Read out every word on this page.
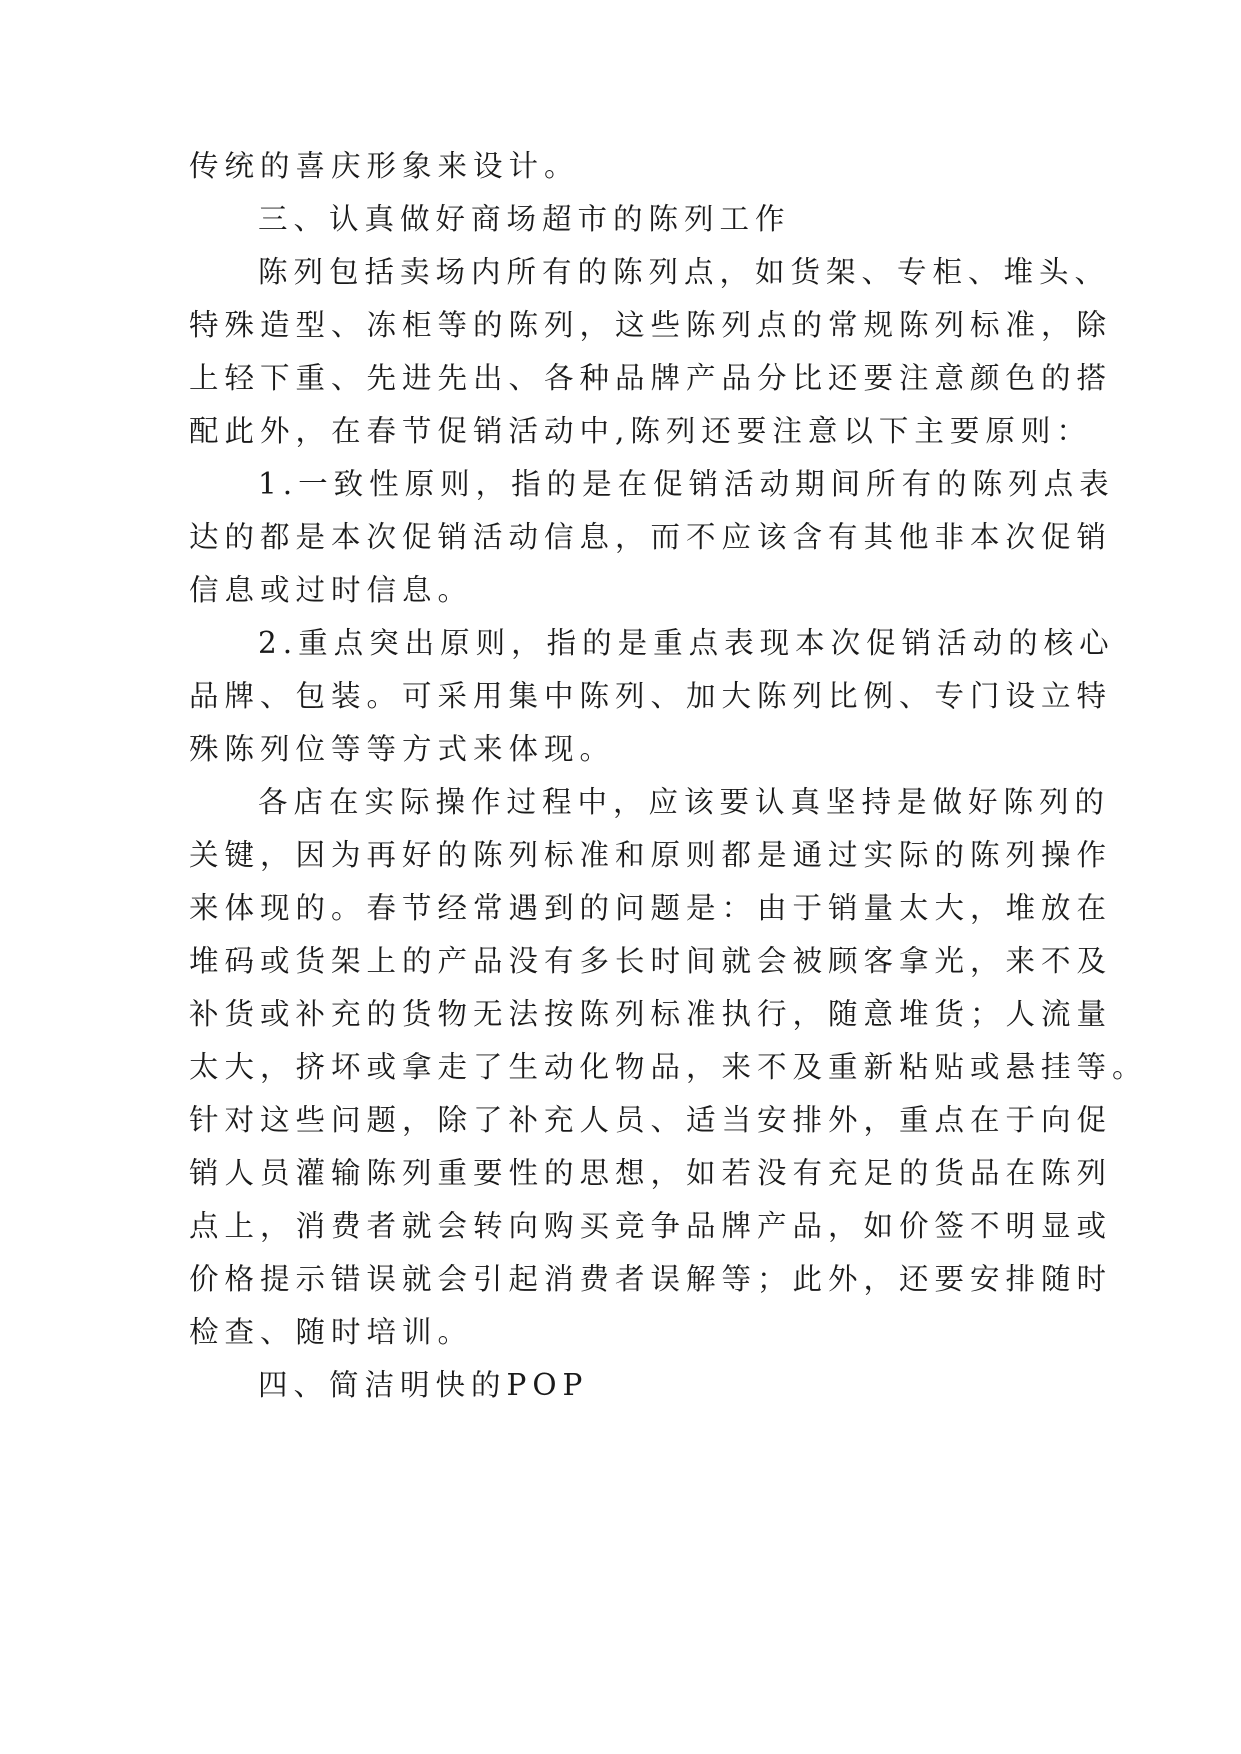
传统的喜庆形象来设计。
三、认真做好商场超市的陈列工作
陈列包括卖场内所有的陈列点，如货架、专柜、堆头、
特殊造型、冻柜等的陈列，这些陈列点的常规陈列标准，除
上轻下重、先进先出、各种品牌产品分比还要注意颜色的搭
配此外，在春节促销活动中,陈列还要注意以下主要原则：
1.一致性原则，指的是在促销活动期间所有的陈列点表
达的都是本次促销活动信息，而不应该含有其他非本次促销
信息或过时信息。
2.重点突出原则，指的是重点表现本次促销活动的核心
品牌、包装。可采用集中陈列、加大陈列比例、专门设立特
殊陈列位等等方式来体现。
各店在实际操作过程中，应该要认真坚持是做好陈列的
关键，因为再好的陈列标准和原则都是通过实际的陈列操作
来体现的。春节经常遇到的问题是：由于销量太大，堆放在
堆码或货架上的产品没有多长时间就会被顾客拿光，来不及
补货或补充的货物无法按陈列标准执行，随意堆货；人流量
太大，挤坏或拿走了生动化物品，来不及重新粘贴或悬挂等。
针对这些问题，除了补充人员、适当安排外，重点在于向促
销人员灌输陈列重要性的思想，如若没有充足的货品在陈列
点上，消费者就会转向购买竞争品牌产品，如价签不明显或
价格提示错误就会引起消费者误解等；此外，还要安排随时
检查、随时培训。
四、简洁明快的POP
